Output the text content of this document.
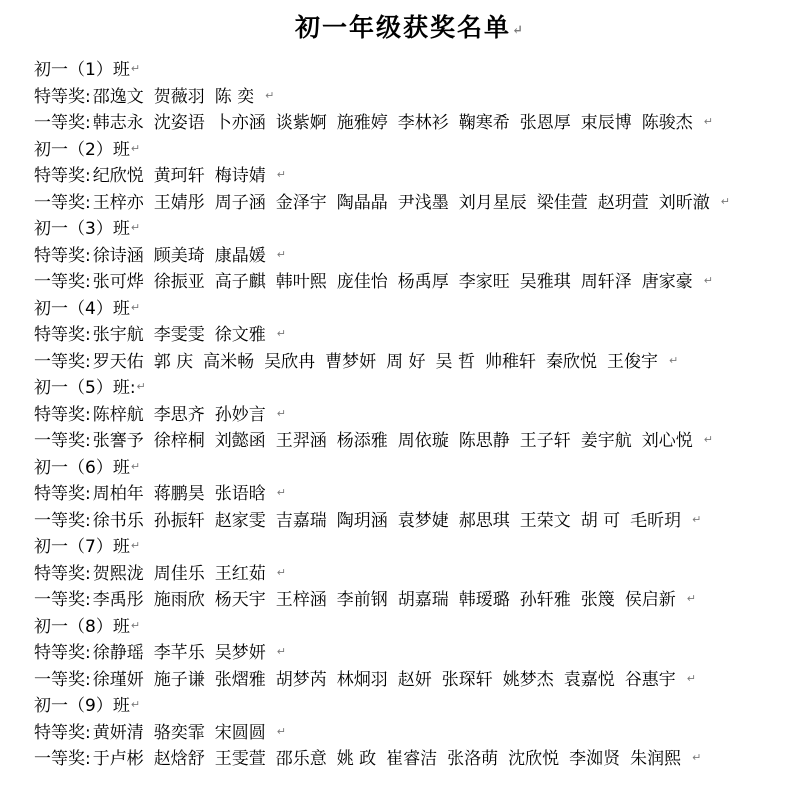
初一年级获奖名单↵
初一（1）班↵
特等奖: 邵逸文 贺薇羽 陈 奕 ↵
一等奖: 韩志永 沈姿语 卜亦涵 谈紫婀 施雅婷 李林衫 鞠寒希 张恩厚 束辰博 陈骏杰 ↵
初一（2）班↵
特等奖: 纪欣悦 黄珂轩 梅诗婧 ↵
一等奖: 王梓亦 王婧彤 周子涵 金泽宇 陶晶晶 尹浅墨 刘月星辰 梁佳萱 赵玥萱 刘昕澈 ↵
初一（3）班↵
特等奖: 徐诗涵 顾美琦 康晶媛 ↵
一等奖: 张可烨 徐振亚 高子麒 韩叶熙 庞佳怡 杨禹厚 李家旺 吴雅琪 周轩泽 唐家豪 ↵
初一（4）班↵
特等奖: 张宇航 李雯雯 徐文雅 ↵
一等奖: 罗天佑 郭 庆 高米畅 吴欣冉 曹梦妍 周 好 吴 哲 帅稚轩 秦欣悦 王俊宇 ↵
初一（5）班:↵
特等奖: 陈梓航 李思齐 孙妙言 ↵
一等奖: 张謇予 徐梓桐 刘懿函 王羿涵 杨添雅 周依璇 陈思静 王子轩 姜宇航 刘心悦 ↵
初一（6）班↵
特等奖: 周柏年 蒋鹏昊 张语晗 ↵
一等奖: 徐书乐 孙振轩 赵家雯 吉嘉瑞 陶玥涵 袁梦婕 郝思琪 王荣文 胡 可 毛昕玥 ↵
初一（7）班↵
特等奖: 贺熙泷 周佳乐 王红茹 ↵
一等奖: 李禹彤 施雨欣 杨天宇 王梓涵 李前钢 胡嘉瑞 韩瑷璐 孙轩雅 张篾 侯启新 ↵
初一（8）班↵
特等奖: 徐静瑶 李芊乐 吴梦妍 ↵
一等奖: 徐瑾妍 施子谦 张熠雅 胡梦芮 林炯羽 赵妍 张琛轩 姚梦杰 袁嘉悦 谷惠宇 ↵
初一（9）班↵
特等奖: 黄妍清 骆奕霏 宋圆圆 ↵
一等奖: 于卢彬 赵焓舒 王雯萱 邵乐意 姚 政 崔睿洁 张洛萌 沈欣悦 李洳贤 朱润熙 ↵
